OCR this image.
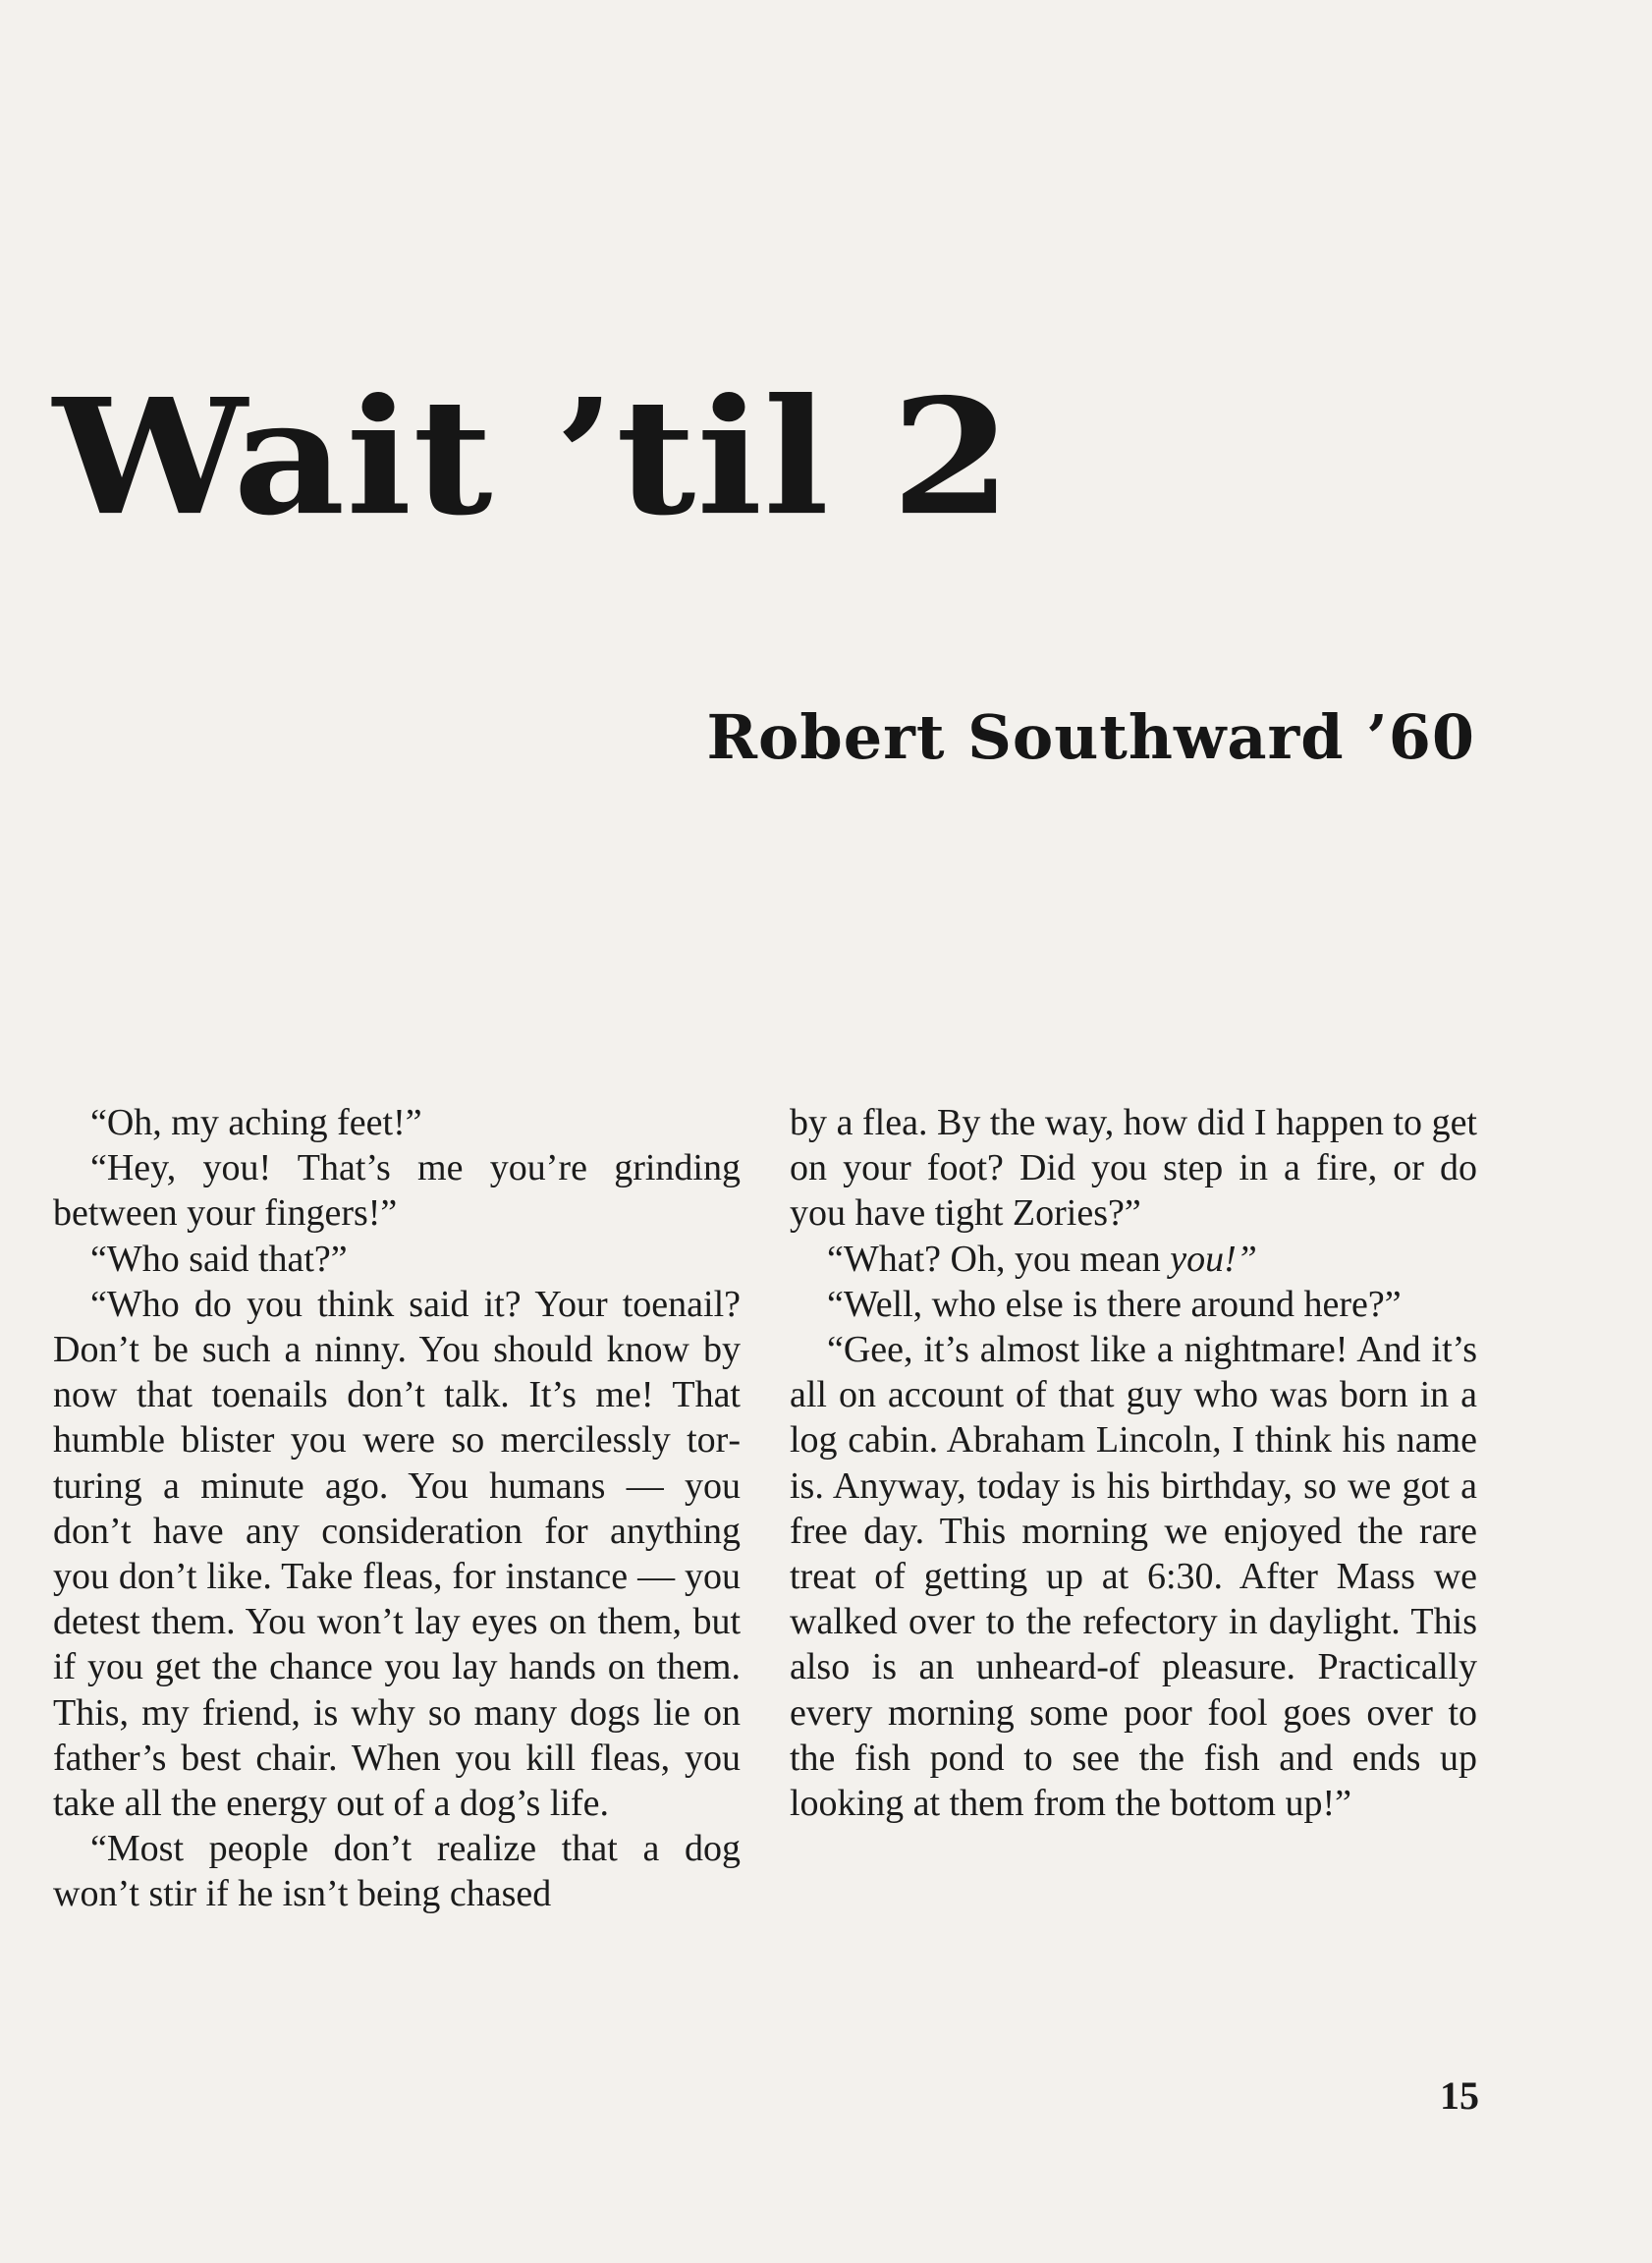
Wait ’til 2
Robert Southward ’60

“Oh, my aching feet!”

“Hey, you! That’s me you’re grinding between your fingers!”

“Who said that?”

“Who do you think said it? Your toenail? Don’t be such a ninny. You should know by now that toenails don’t talk. It’s me! That humble blister you were so mercilessly torturing a minute ago. You humans — you don’t have any consideration for anything you don’t like. Take fleas, for instance — you detest them. You won’t lay eyes on them, but if you get the chance you lay hands on them. This, my friend, is why so many dogs lie on father’s best chair. When you kill fleas, you take all the energy out of a dog’s life.

“Most people don’t realize that a dog won’t stir if he isn’t being chased

by a flea. By the way, how did I happen to get on your foot? Did you step in a fire, or do you have tight Zories?”

“What? Oh, you mean you!”

“Well, who else is there around here?”

“Gee, it’s almost like a nightmare! And it’s all on account of that guy who was born in a log cabin. Abraham Lincoln, I think his name is. Anyway, today is his birthday, so we got a free day. This morning we enjoyed the rare treat of getting up at 6:30. After Mass we walked over to the refectory in daylight. This also is an unheard-of pleasure. Practically every morning some poor fool goes over to the fish pond to see the fish and ends up looking at them from the bottom up!”

15
